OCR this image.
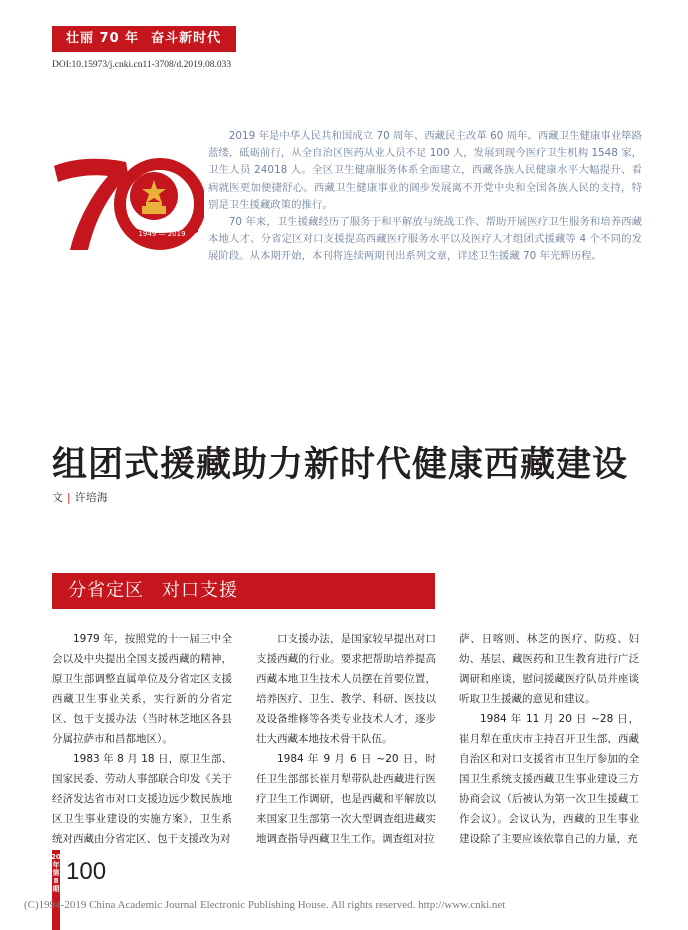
壮丽 70 年 奋斗新时代
DOI:10.15973/j.cnki.cn11-3708/d.2019.08.033
1949 — 2019

2019 年是中华人民共和国成立 70 周年、西藏民主改革 60 周年。西藏卫生健康事业筚路蓝缕，砥砺前行，从全自治区医药从业人员不足 100 人，发展到现今医疗卫生机构 1548 家，卫生人员 24018 人。全区卫生健康服务体系全面建立，西藏各族人民健康水平大幅提升、看病就医更加便捷舒心。西藏卫生健康事业的阔步发展离不开党中央和全国各族人民的支持，特别是卫生援藏政策的推行。

70 年来，卫生援藏经历了服务于和平解放与统战工作、帮助开展医疗卫生服务和培养西藏本地人才、分省定区对口支援提高西藏医疗服务水平以及医疗人才组团式援藏等 4 个不同的发展阶段。从本期开始，本刊将连续两期刊出系列文章，详述卫生援藏 70 年光辉历程。

组团式援藏助力新时代健康西藏建设
文 | 许培海
分省定区 对口支援

1979 年，按照党的十一届三中全会以及中央提出全国支援西藏的精神，原卫生部调整直属单位及分省定区支援西藏卫生事业关系，实行新的分省定区、包干支援办法（当时林芝地区各县分属拉萨市和昌都地区）。

1983 年 8 月 18 日，原卫生部、国家民委、劳动人事部联合印发《关于经济发达省市对口支援边远少数民族地区卫生事业建设的实施方案》，卫生系统对西藏由分省定区、包干支援改为对

口支援办法，是国家较早提出对口支援西藏的行业。要求把帮助培养提高西藏本地卫生技术人员摆在首要位置，培养医疗、卫生、教学、科研、医技以及设备维修等各类专业技术人才，逐步壮大西藏本地技术骨干队伍。

1984 年 9 月 6 日 ~20 日，时任卫生部部长崔月犁带队赴西藏进行医疗卫生工作调研，也是西藏和平解放以来国家卫生部第一次大型调查组进藏实地调查指导西藏卫生工作。调查组对拉

萨、日喀则、林芝的医疗、防疫、妇幼、基层、藏医药和卫生教育进行广泛调研和座谈，慰问援藏医疗队员并座谈听取卫生援藏的意见和建议。

1984 年 11 月 20 日 ~28 日，崔月犁在重庆市主持召开卫生部、西藏自治区和对口支援省市卫生厅参加的全国卫生系统支援西藏卫生事业建设三方协商会议（后被认为第一次卫生援藏工作会议）。会议认为，西藏的卫生事业建设除了主要应该依靠自己的力量，充

2019年第8期
100
(C)1994-2019 China Academic Journal Electronic Publishing House. All rights reserved. http://www.cnki.net
